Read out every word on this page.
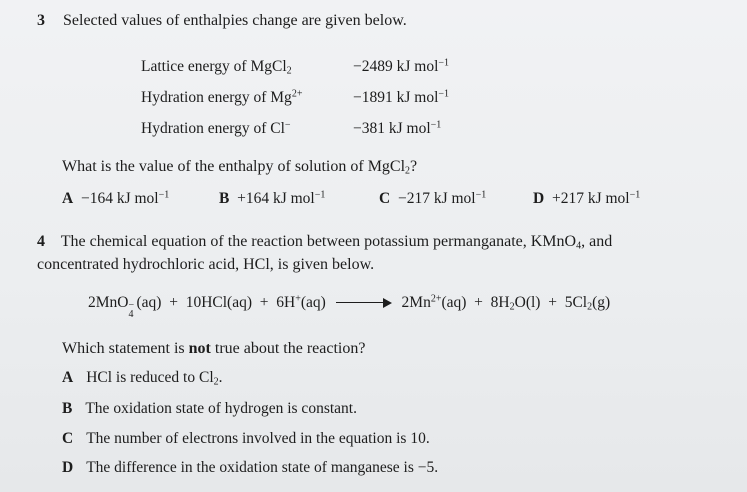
3 Selected values of enthalpies change are given below.
Lattice energy of MgCl$_2$	−2489 kJ mol$^{-1}$
Hydration energy of $Mg^{2+}$	−1891 kJ mol$^{-1}$
Hydration energy of Cl−	−381 kJ mol$^{-1}$
What is the value of the enthalpy of solution of MgCl$_2$?
A −164 kJ mol$^{-1}$	B +164 kJ mol$^{-1}$	C −217 kJ mol$^{-1}$	D +217 kJ mol$^{-1}$
4 The chemical equation of the reaction between potassium permanganate, KMnO$_4$, and
concentrated hydrochloric acid, HCl, is given below.
2MnO −
4
(aq) + 10HCl(aq) + 6H+(aq)	$2Mn^{2+}(aq) + 8H_2O(l) + 5Cl_2(g)$
Which statement is not true about the reaction?
A HCl is reduced to $Cl_2$.
B The oxidation state of hydrogen is constant.
C The number of electrons involved in the equation is 10.
D The difference in the oxidation state of manganese is −5.
